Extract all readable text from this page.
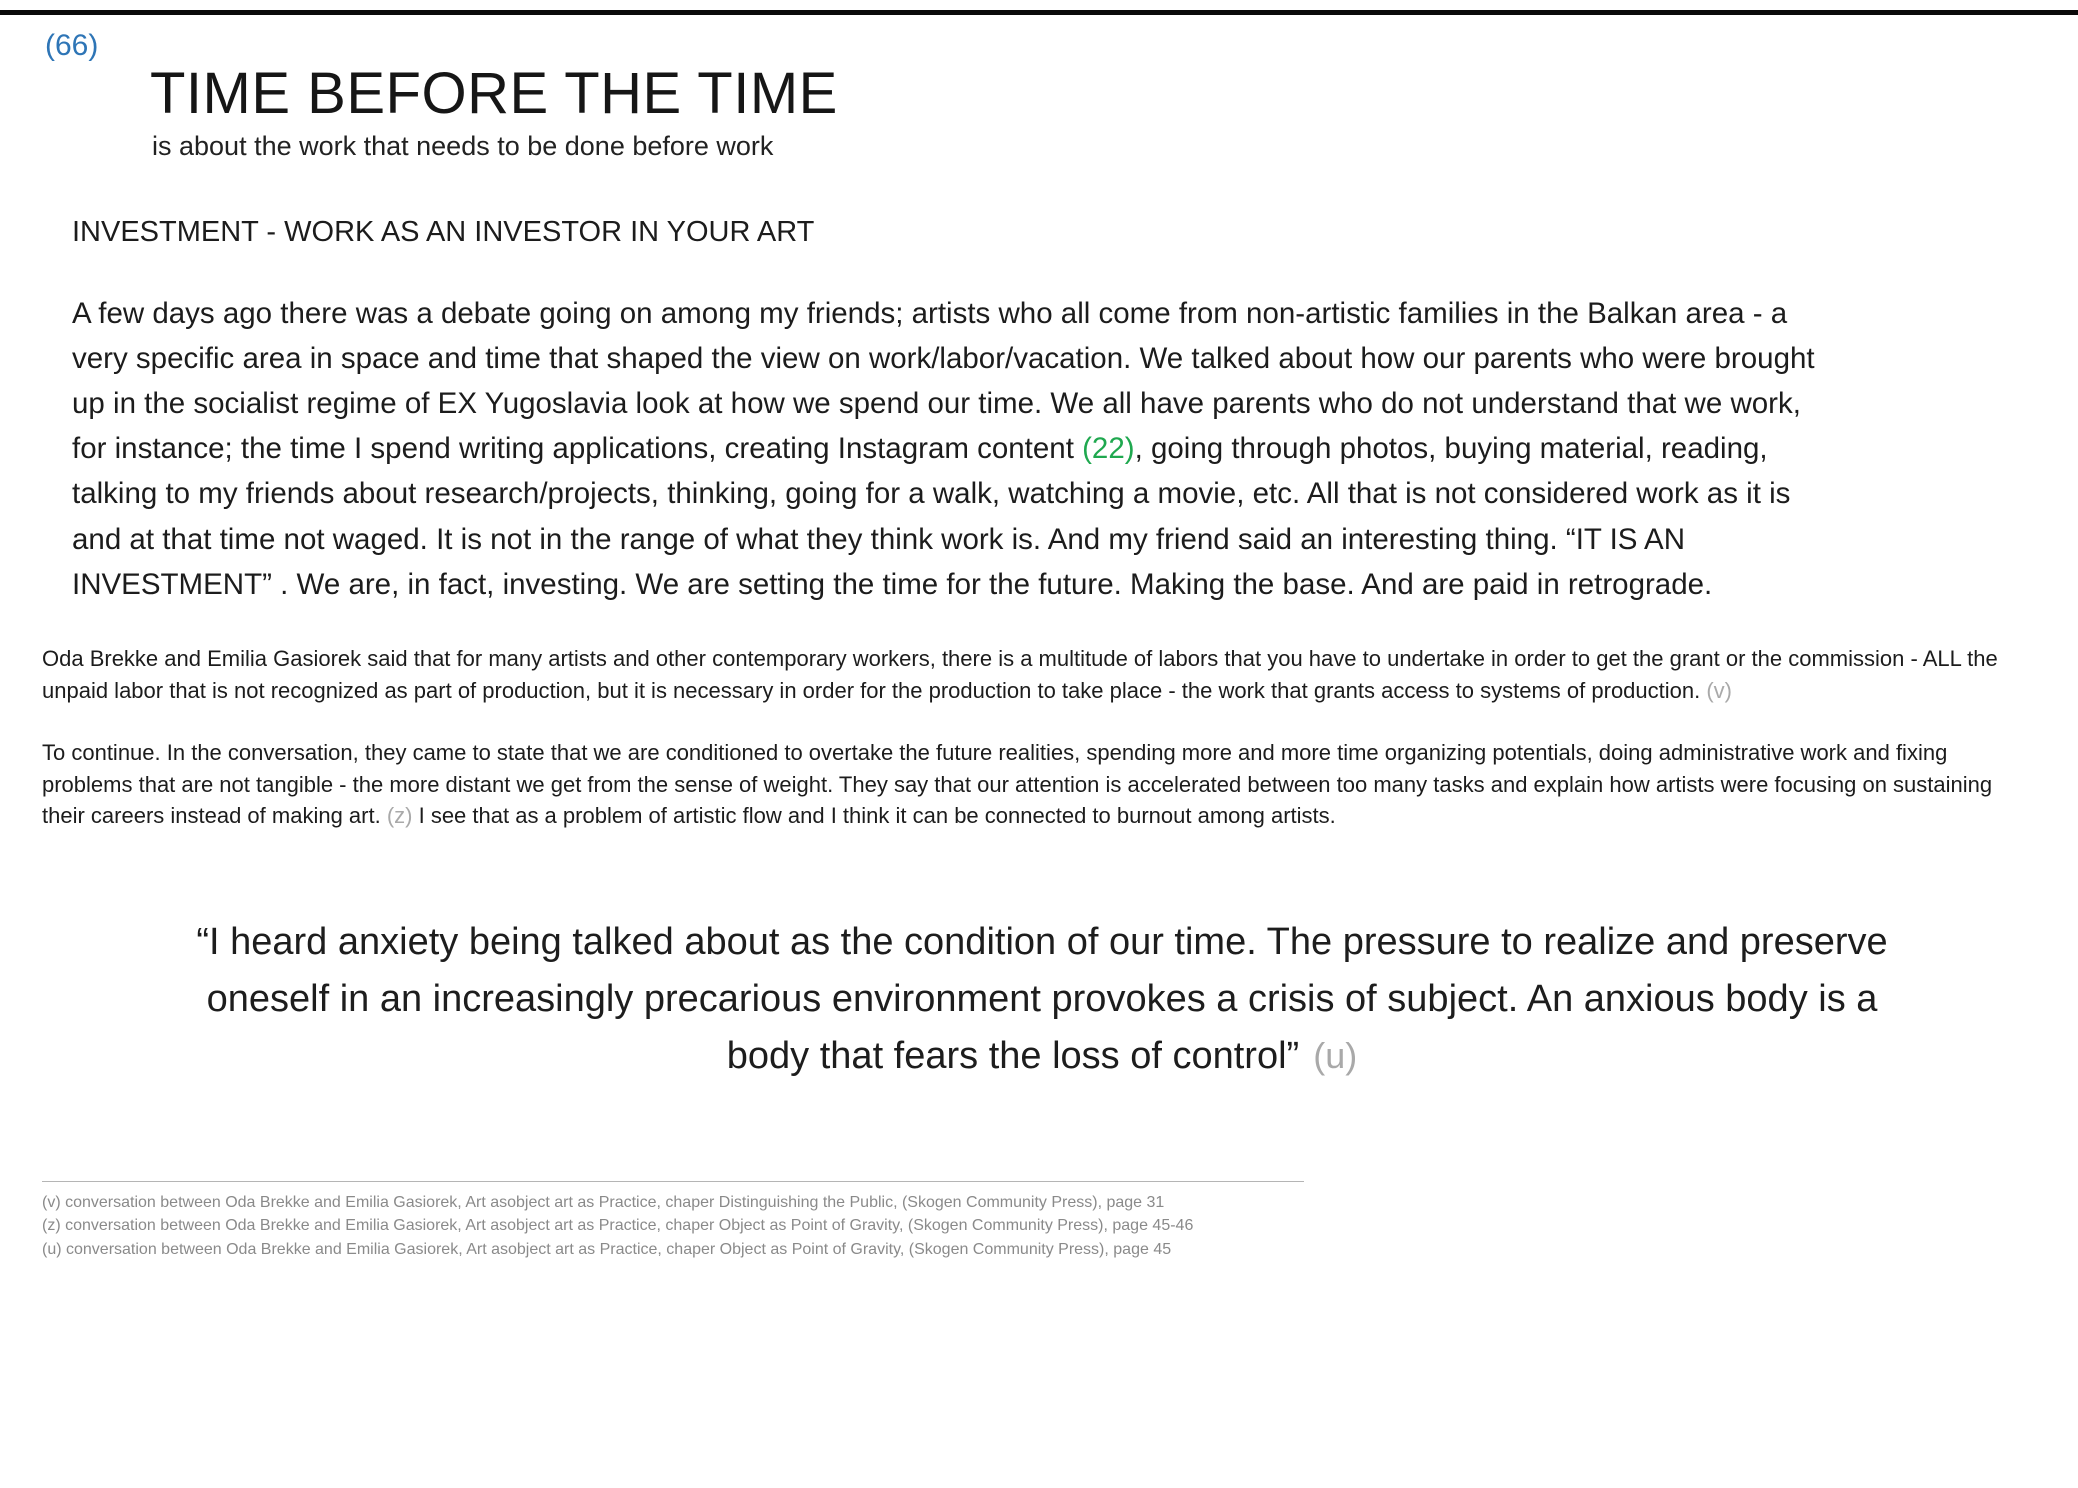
(66)
TIME BEFORE THE TIME
is about the work that needs to be done before work
INVESTMENT - WORK AS AN INVESTOR IN YOUR ART
A few days ago there was a debate going on among my friends; artists who all come from non-artistic families in the Balkan area - a very specific area in space and time that shaped the view on work/labor/vacation. We talked about how our parents who were brought up in the socialist regime of EX Yugoslavia look at how we spend our time. We all have parents who do not understand that we work, for instance; the time I spend writing applications, creating Instagram content (22), going through photos, buying material, reading, talking to my friends about research/projects, thinking, going for a walk, watching a movie, etc. All that is not considered work as it is and at that time not waged. It is not in the range of what they think work is. And my friend said an interesting thing. “IT IS AN INVESTMENT” . We are, in fact, investing. We are setting the time for the future. Making the base. And are paid in retrograde.
Oda Brekke and Emilia Gasiorek said that for many artists and other contemporary workers, there is a multitude of labors that you have to undertake in order to get the grant or the commission - ALL the unpaid labor that is not recognized as part of production, but it is necessary in order for the production to take place - the work that grants access to systems of production. (v)
To continue. In the conversation, they came to state that we are conditioned to overtake the future realities, spending more and more time organizing potentials, doing administrative work and fixing problems that are not tangible - the more distant we get from the sense of weight. They say that our attention is accelerated between too many tasks and explain how artists were focusing on sustaining their careers instead of making art. (z) I see that as a problem of artistic flow and I think it can be connected to burnout among artists.
“I heard anxiety being talked about as the condition of our time. The pressure to realize and preserve oneself in an increasingly precarious environment provokes a crisis of subject. An anxious body is a body that fears the loss of control” (u)
(v) conversation between Oda Brekke and Emilia Gasiorek, Art asobject art as Practice, chaper Distinguishing the Public, (Skogen Community Press), page 31
(z) conversation between Oda Brekke and Emilia Gasiorek, Art asobject art as Practice, chaper Object as Point of Gravity, (Skogen Community Press), page 45-46
(u) conversation between Oda Brekke and Emilia Gasiorek, Art asobject art as Practice, chaper Object as Point of Gravity, (Skogen Community Press), page 45
